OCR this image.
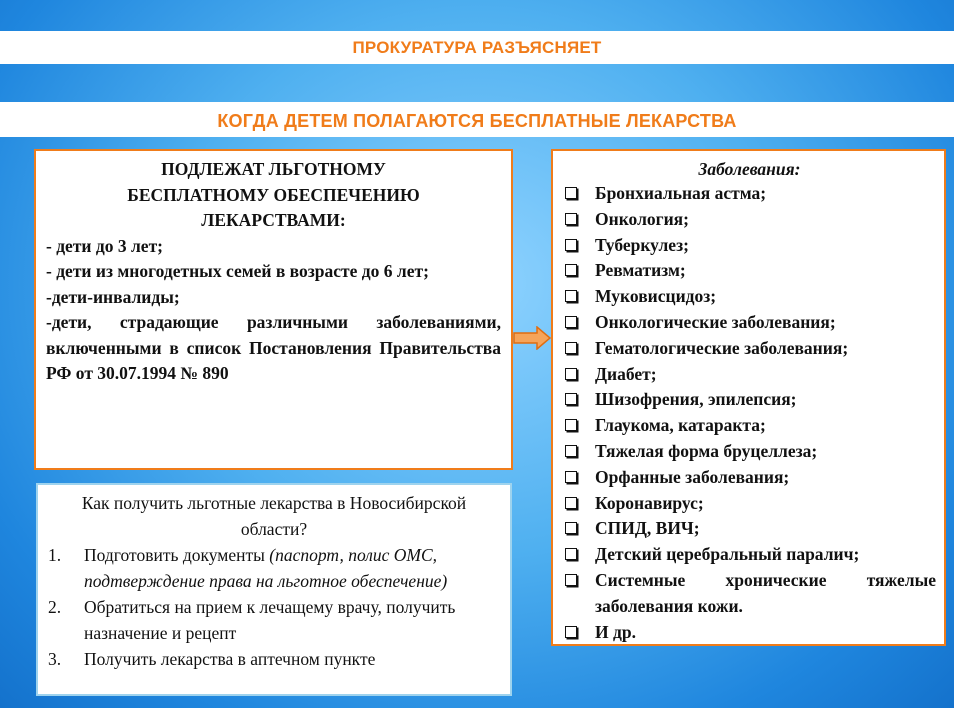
ПРОКУРАТУРА РАЗЪЯСНЯЕТ
КОГДА ДЕТЕМ ПОЛАГАЮТСЯ БЕСПЛАТНЫЕ ЛЕКАРСТВА
ПОДЛЕЖАТ ЛЬГОТНОМУ БЕСПЛАТНОМУ ОБЕСПЕЧЕНИЮ ЛЕКАРСТВАМИ:
- дети до 3 лет;
- дети из многодетных семей в возрасте до 6 лет;
-дети-инвалиды;
-дети, страдающие различными заболеваниями, включенными в список Постановления Правительства РФ от 30.07.1994 № 890
Заболевания:
Бронхиальная астма;
Онкология;
Туберкулез;
Ревматизм;
Муковисцидоз;
Онкологические заболевания;
Гематологические заболевания;
Диабет;
Шизофрения, эпилепсия;
Глаукома, катаракта;
Тяжелая форма бруцеллеза;
Орфанные заболевания;
Коронавирус;
СПИД, ВИЧ;
Детский церебральный паралич;
Системные хронические тяжелые заболевания кожи.
И др.
Как получить льготные лекарства в Новосибирской области?
1.	Подготовить документы (паспорт, полис ОМС, подтверждение права на льготное обеспечение)
2.	Обратиться на прием к лечащему врачу, получить назначение и рецепт
3.	Получить лекарства в аптечном пункте
